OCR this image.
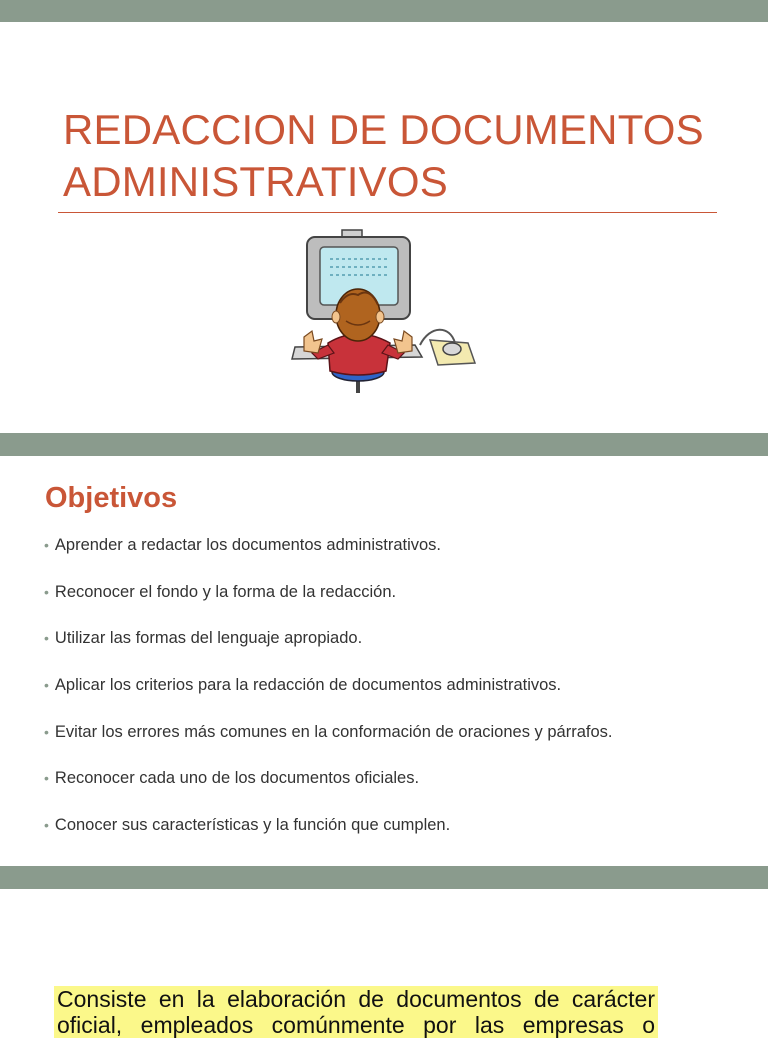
REDACCION DE DOCUMENTOS
ADMINISTRATIVOS
Objetivos
• Aprender a redactar los documentos administrativos.
• Reconocer el fondo y la forma de la redacción.
• Utilizar las formas del lenguaje apropiado.
• Aplicar los criterios para la redacción de documentos administrativos.
• Evitar los errores más comunes en la conformación de oraciones y párrafos.
• Reconocer cada uno de los documentos oficiales.
• Conocer sus características y la función que cumplen.

Consiste en la elaboración de documentos de carácter
oficial, empleados comúnmente por las empresas o
